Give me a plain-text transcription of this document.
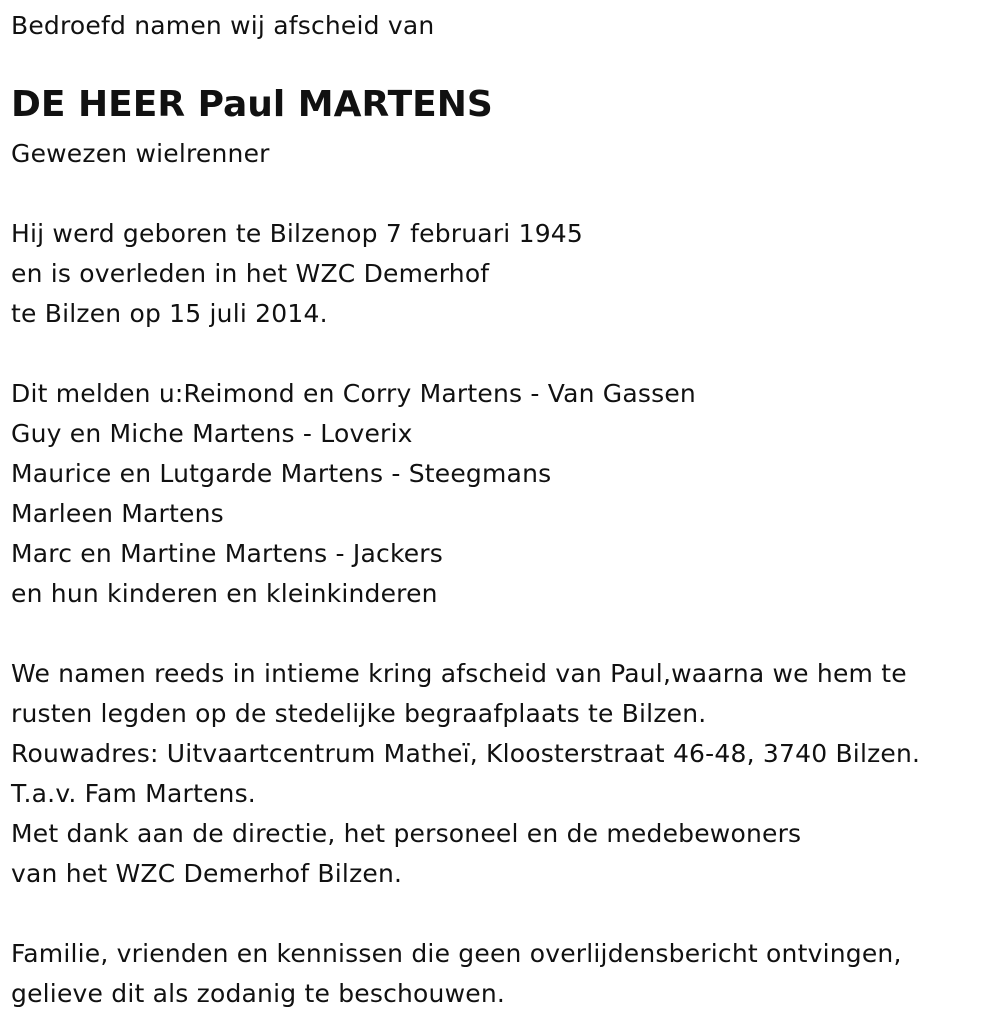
Bedroefd namen wij afscheid van
DE HEER Paul MARTENS
Gewezen wielrenner
Hij werd geboren te Bilzenop 7 februari 1945
en is overleden in het WZC Demerhof
te Bilzen op 15 juli 2014.
Dit melden u:Reimond en Corry Martens - Van Gassen
Guy en Miche Martens - Loverix
Maurice en Lutgarde Martens - Steegmans
Marleen Martens
Marc en Martine Martens - Jackers
en hun kinderen en kleinkinderen
We namen reeds in intieme kring afscheid van Paul,waarna we hem te
rusten legden op de stedelijke begraafplaats te Bilzen.
Rouwadres: Uitvaartcentrum Matheï, Kloosterstraat 46-48, 3740 Bilzen.
T.a.v. Fam Martens.
Met dank aan de directie, het personeel en de medebewoners
van het WZC Demerhof Bilzen.
Familie, vrienden en kennissen die geen overlijdensbericht ontvingen,
gelieve dit als zodanig te beschouwen.
